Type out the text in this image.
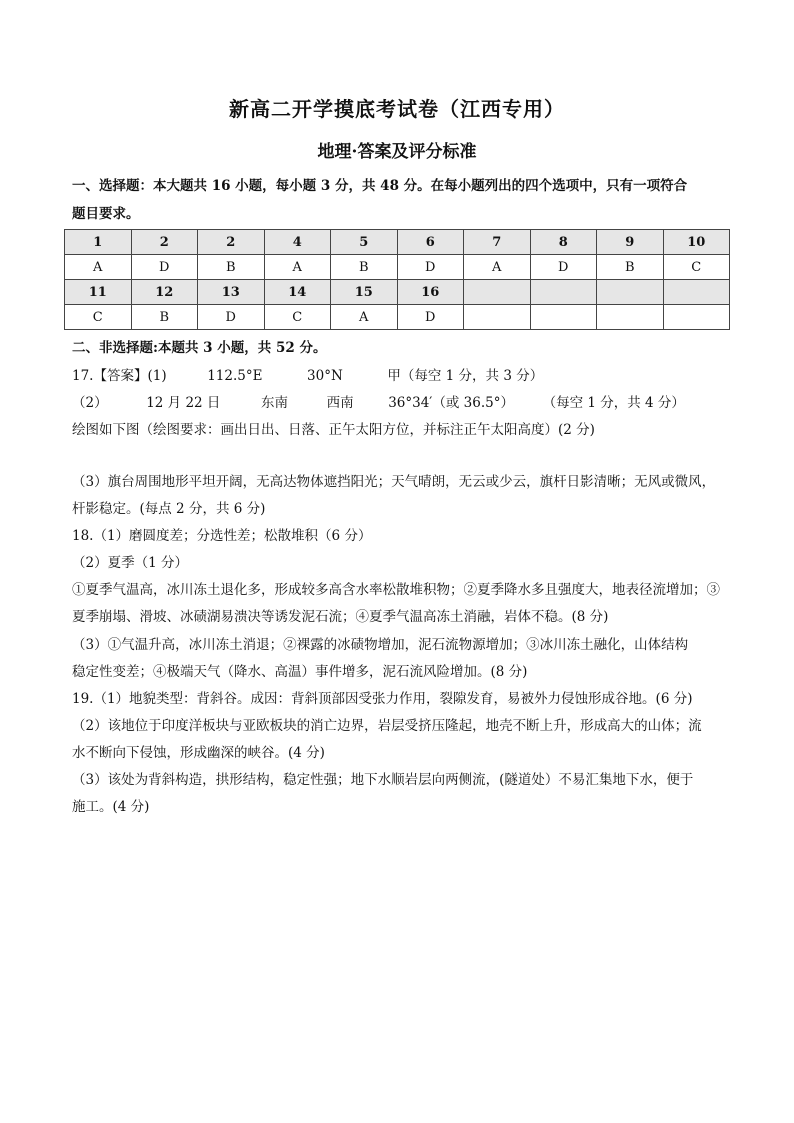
新高二开学摸底考试卷（江西专用）
地理·答案及评分标准
一、选择题：本大题共 16 小题，每小题 3 分，共 48 分。在每小题列出的四个选项中，只有一项符合
题目要求。
1	2	2	4	5	6	7	8	9	10
A	D	B	A	B	D	A	D	B	C
11	12	13	14	15	16				
C	B	D	C	A	D				
二、非选择题:本题共 3 小题，共 52 分。
17.【答案】(1)	112.5°E	30°N	甲（每空 1 分，共 3 分）
（2）	12 月 22 日	东南	西南	36°34′（或 36.5°） （每空 1 分，共 4 分）
绘图如下图（绘图要求：画出日出、日落、正午太阳方位，并标注正午太阳高度）(2 分)
（3）旗台周围地形平坦开阔，无高达物体遮挡阳光；天气晴朗，无云或少云，旗杆日影清晰；无风或微风，
杆影稳定。(每点 2 分，共 6 分)
18.（1）磨圆度差；分选性差；松散堆积（6 分）
（2）夏季（1 分）
①夏季气温高，冰川冻土退化多，形成较多高含水率松散堆积物；②夏季降水多且强度大，地表径流增加；③
夏季崩塌、滑坡、冰碛湖易溃决等诱发泥石流；④夏季气温高冻土消融，岩体不稳。(8 分)
（3）①气温升高，冰川冻土消退；②裸露的冰碛物增加，泥石流物源增加；③冰川冻土融化，山体结构
稳定性变差；④极端天气（降水、高温）事件增多，泥石流风险增加。(8 分)
19.（1）地貌类型：背斜谷。成因：背斜顶部因受张力作用，裂隙发育，易被外力侵蚀形成谷地。(6 分)
（2）该地位于印度洋板块与亚欧板块的消亡边界，岩层受挤压隆起，地壳不断上升，形成高大的山体；流
水不断向下侵蚀，形成幽深的峡谷。(4 分)
（3）该处为背斜构造，拱形结构，稳定性强；地下水顺岩层向两侧流，(隧道处）不易汇集地下水，便于
施工。(4 分)
